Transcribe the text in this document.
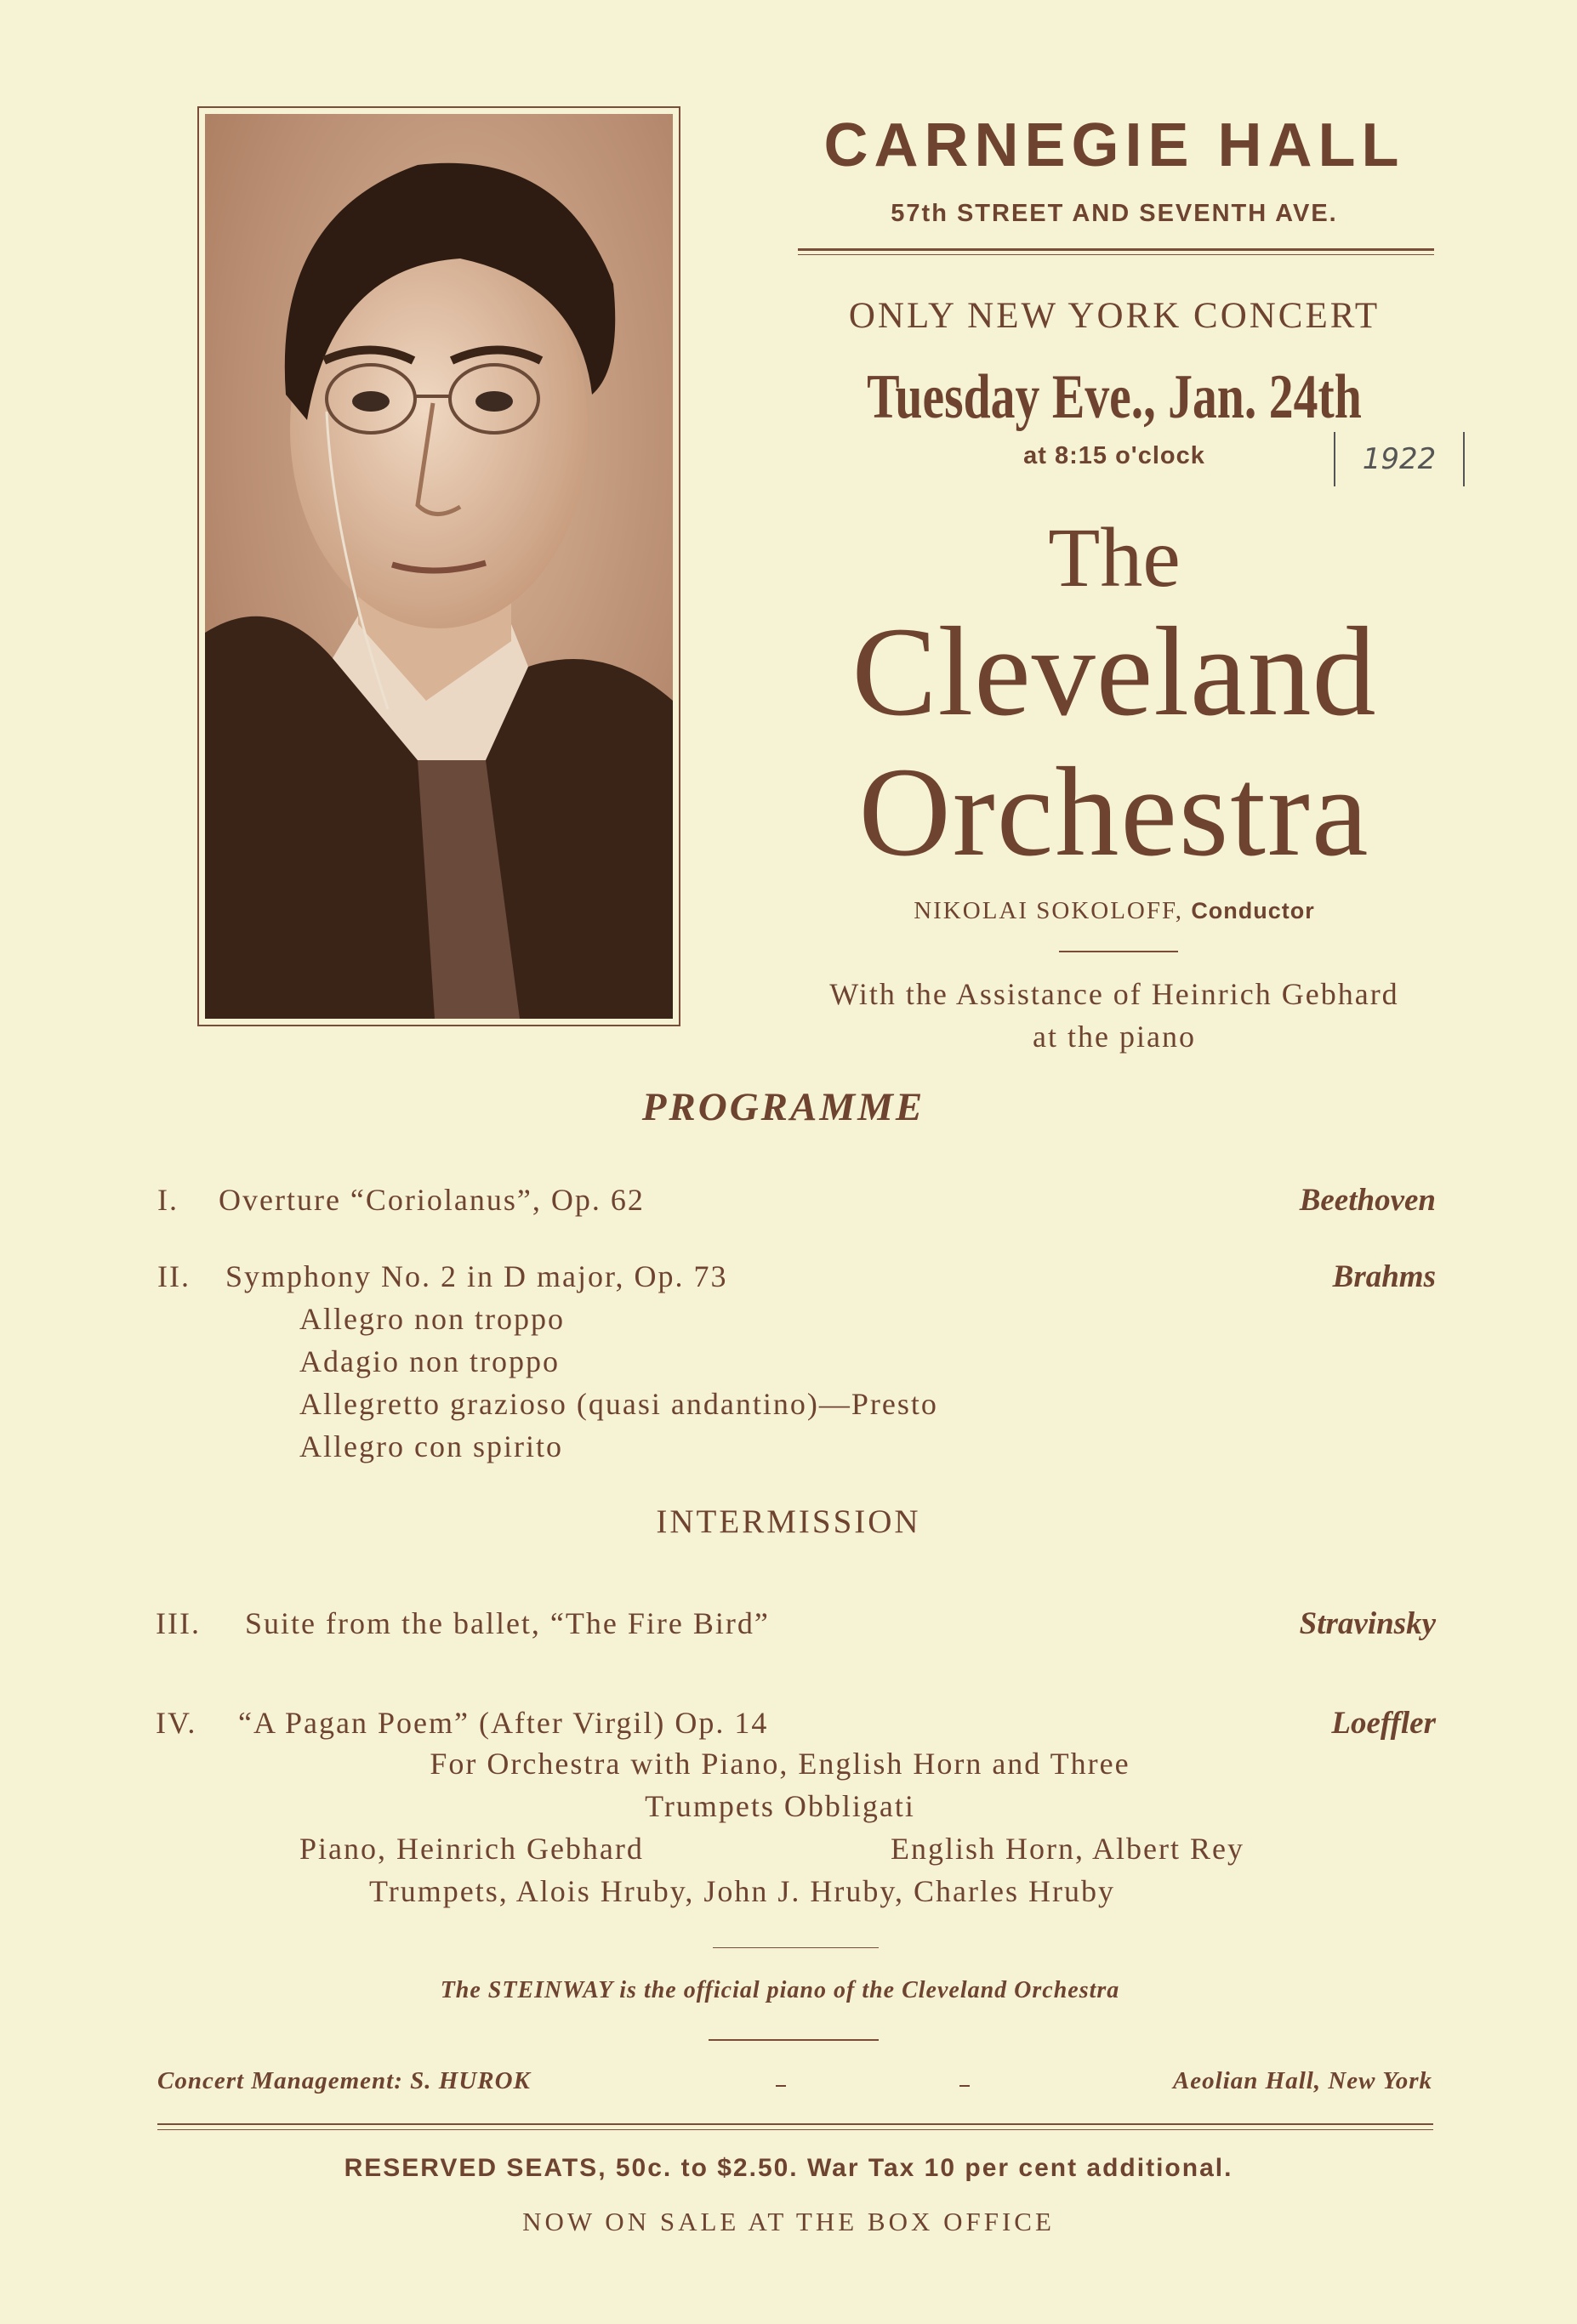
CARNEGIE HALL
57th STREET AND SEVENTH AVE.
ONLY NEW YORK CONCERT
Tuesday Eve., Jan. 24th
at 8:15 o'clock	1922
The
Cleveland
Orchestra
NIKOLAI SOKOLOFF, Conductor
With the Assistance of Heinrich Gebhard
at the piano
PROGRAMME
I. Overture “Coriolanus”, Op. 62	Beethoven
II. Symphony No. 2 in D major, Op. 73	Brahms
Allegro non troppo
Adagio non troppo
Allegretto grazioso (quasi andantino)—Presto
Allegro con spirito
INTERMISSION
III. Suite from the ballet, “The Fire Bird”	Stravinsky
IV. “A Pagan Poem” (After Virgil) Op. 14	Loeffler
For Orchestra with Piano, English Horn and Three
Trumpets Obbligati
Piano, Heinrich Gebhard	English Horn, Albert Rey
Trumpets, Alois Hruby, John J. Hruby, Charles Hruby
The STEINWAY is the official piano of the Cleveland Orchestra
Concert Management: S. HUROK	Aeolian Hall, New York
RESERVED SEATS, 50c. to $2.50. War Tax 10 per cent additional.
NOW ON SALE AT THE BOX OFFICE
